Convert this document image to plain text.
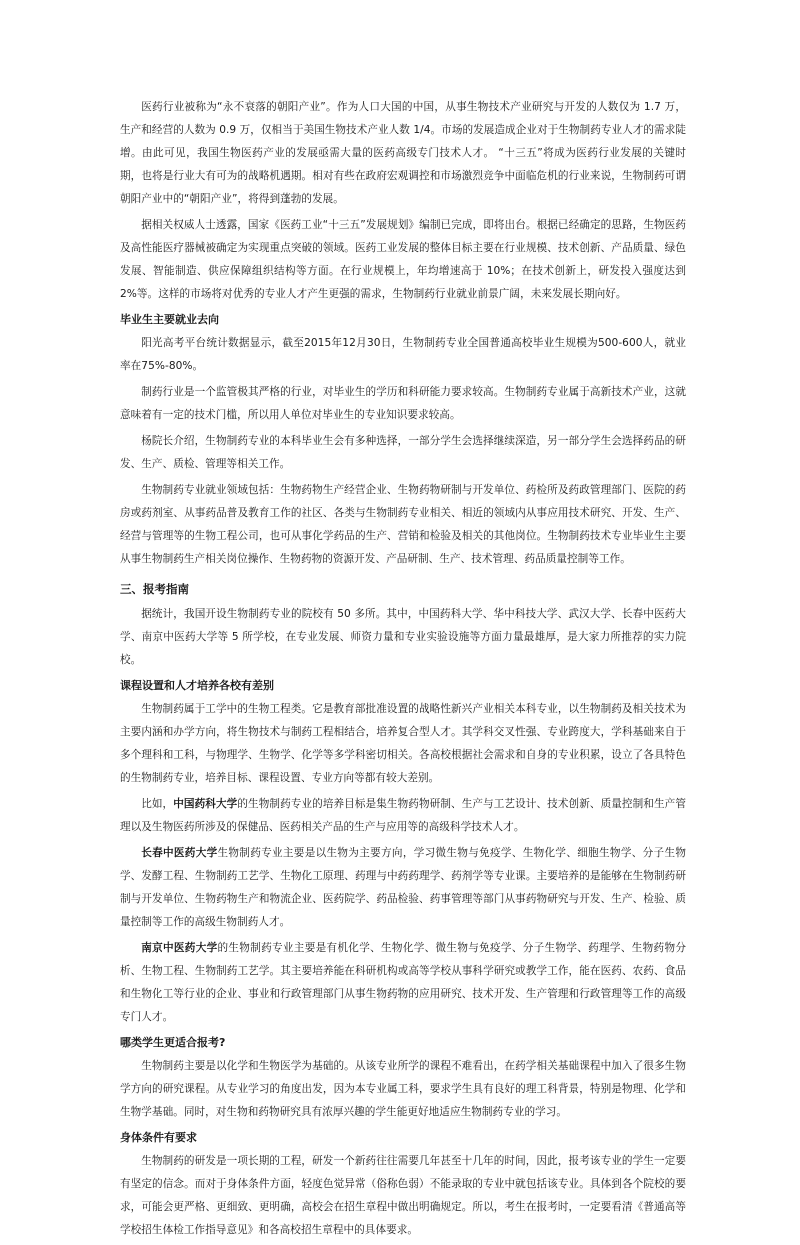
医药行业被称为“永不衰落的朝阳产业”。作为人口大国的中国，从事生物技术产业研究与开发的人数仅为 1.7 万，生产和经营的人数为 0.9 万，仅相当于美国生物技术产业人数 1/4。市场的发展造成企业对于生物制药专业人才的需求陡增。由此可见，我国生物医药产业的发展亟需大量的医药高级专门技术人才。 “十三五”将成为医药行业发展的关键时期，也将是行业大有可为的战略机遇期。相对有些在政府宏观调控和市场激烈竞争中面临危机的行业来说，生物制药可谓朝阳产业中的“朝阳产业”，将得到蓬勃的发展。

据相关权威人士透露，国家《医药工业“十三五”发展规划》编制已完成，即将出台。根据已经确定的思路，生物医药及高性能医疗器械被确定为实现重点突破的领域。医药工业发展的整体目标主要在行业规模、技术创新、产品质量、绿色发展、智能制造、供应保障组织结构等方面。在行业规模上，年均增速高于 10%；在技术创新上，研发投入强度达到 2%等。这样的市场将对优秀的专业人才产生更强的需求，生物制药行业就业前景广阔，未来发展长期向好。

毕业生主要就业去向

阳光高考平台统计数据显示，截至2015年12月30日，生物制药专业全国普通高校毕业生规模为500-600人，就业率在75%-80%。

制药行业是一个监管极其严格的行业，对毕业生的学历和科研能力要求较高。生物制药专业属于高新技术产业，这就意味着有一定的技术门槛，所以用人单位对毕业生的专业知识要求较高。

杨院长介绍，生物制药专业的本科毕业生会有多种选择，一部分学生会选择继续深造，另一部分学生会选择药品的研发、生产、质检、管理等相关工作。

生物制药专业就业领域包括：生物药物生产经营企业、生物药物研制与开发单位、药检所及药政管理部门、医院的药房或药剂室、从事药品普及教育工作的社区、各类与生物制药专业相关、相近的领域内从事应用技术研究、开发、生产、经营与管理等的生物工程公司，也可从事化学药品的生产、营销和检验及相关的其他岗位。生物制药技术专业毕业生主要从事生物制药生产相关岗位操作、生物药物的资源开发、产品研制、生产、技术管理、药品质量控制等工作。

三、报考指南

据统计，我国开设生物制药专业的院校有 50 多所。其中，中国药科大学、华中科技大学、武汉大学、长春中医药大学、南京中医药大学等 5 所学校，在专业发展、师资力量和专业实验设施等方面力量最雄厚，是大家力所推荐的实力院校。

课程设置和人才培养各校有差别

生物制药属于工学中的生物工程类。它是教育部批准设置的战略性新兴产业相关本科专业，以生物制药及相关技术为主要内涵和办学方向，将生物技术与制药工程相结合，培养复合型人才。其学科交叉性强、专业跨度大，学科基础来自于多个理科和工科，与物理学、生物学、化学等多学科密切相关。各高校根据社会需求和自身的专业积累，设立了各具特色的生物制药专业，培养目标、课程设置、专业方向等都有较大差别。

比如，中国药科大学的生物制药专业的培养目标是集生物药物研制、生产与工艺设计、技术创新、质量控制和生产管理以及生物医药所涉及的保健品、医药相关产品的生产与应用等的高级科学技术人才。

长春中医药大学生物制药专业主要是以生物为主要方向，学习微生物与免疫学、生物化学、细胞生物学、分子生物学、发酵工程、生物制药工艺学、生物化工原理、药理与中药药理学、药剂学等专业课。主要培养的是能够在生物制药研制与开发单位、生物药物生产和物流企业、医药院学、药品检验、药事管理等部门从事药物研究与开发、生产、检验、质量控制等工作的高级生物制药人才。

南京中医药大学的生物制药专业主要是有机化学、生物化学、微生物与免疫学、分子生物学、药理学、生物药物分析、生物工程、生物制药工艺学。其主要培养能在科研机构或高等学校从事科学研究或教学工作，能在医药、农药、食品和生物化工等行业的企业、事业和行政管理部门从事生物药物的应用研究、技术开发、生产管理和行政管理等工作的高级专门人才。

哪类学生更适合报考?

生物制药主要是以化学和生物医学为基础的。从该专业所学的课程不难看出，在药学相关基础课程中加入了很多生物学方向的研究课程。从专业学习的角度出发，因为本专业属工科，要求学生具有良好的理工科背景，特别是物理、化学和生物学基础。同时，对生物和药物研究具有浓厚兴趣的学生能更好地适应生物制药专业的学习。

身体条件有要求

生物制药的研发是一项长期的工程，研发一个新药往往需要几年甚至十几年的时间，因此，报考该专业的学生一定要有坚定的信念。而对于身体条件方面，轻度色觉异常（俗称色弱）不能录取的专业中就包括该专业。具体到各个院校的要求，可能会更严格、更细致、更明确，高校会在招生章程中做出明确规定。所以，考生在报考时，一定要看清《普通高等学校招生体检工作指导意见》和各高校招生章程中的具体要求。
